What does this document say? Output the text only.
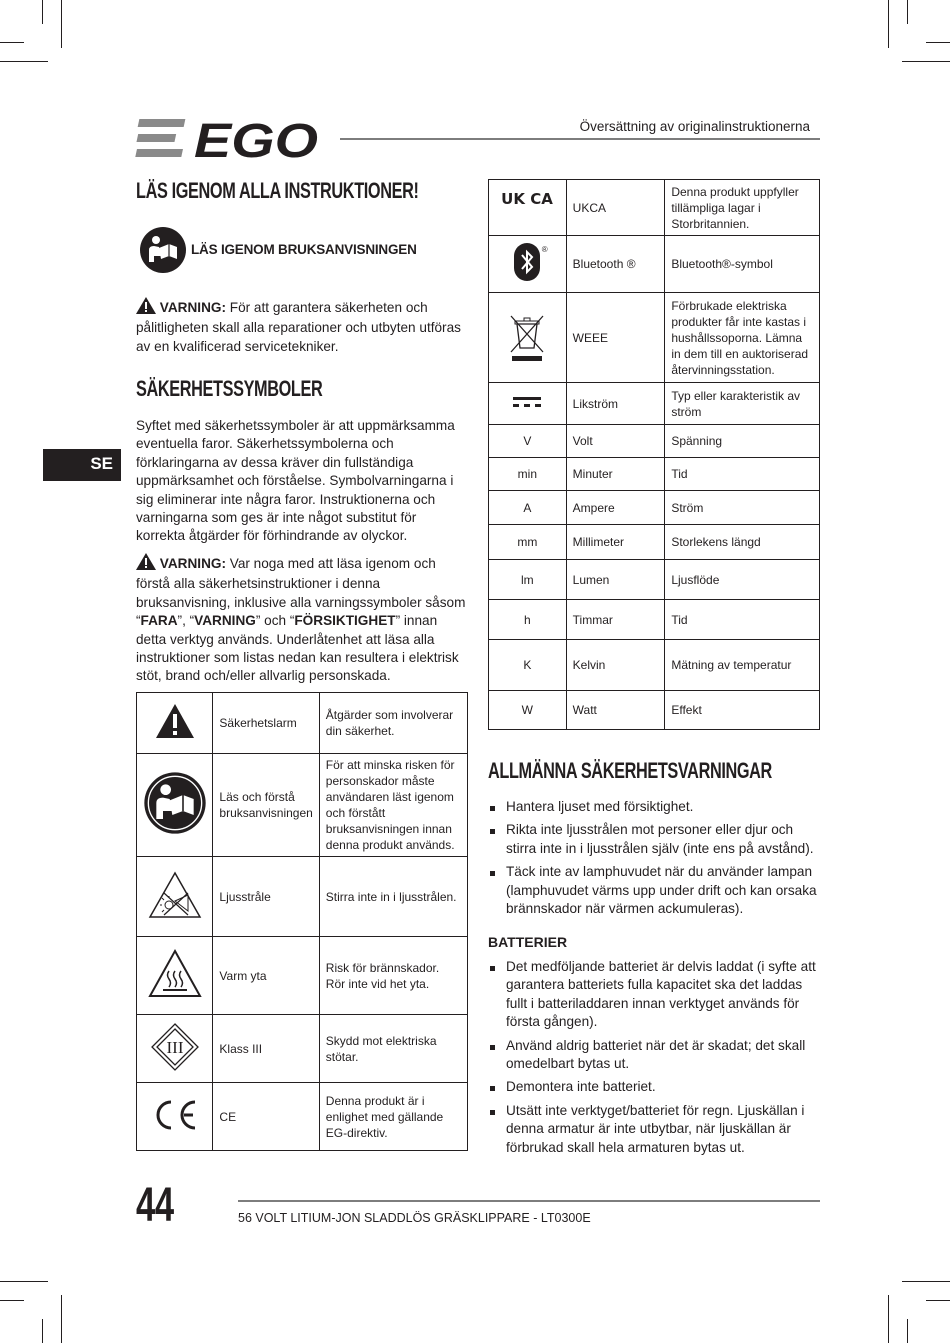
EGO	Översättning av originalinstruktionerna
SE
LÄS IGENOM ALLA INSTRUKTIONER!
LÄS IGENOM BRUKSANVISNINGEN
VARNING: För att garantera säkerheten och pålitligheten skall alla reparationer och utbyten utföras av en kvalificerad servicetekniker.
SÄKERHETSSYMBOLER
Syftet med säkerhetssymboler är att uppmärksamma eventuella faror. Säkerhetssymbolerna och förklaringarna av dessa kräver din fullständiga uppmärksamhet och förståelse. Symbolvarningarna i sig eliminerar inte några faror. Instruktionerna och varningarna som ges är inte något substitut för korrekta åtgärder för förhindrande av olyckor.
VARNING: Var noga med att läsa igenom och förstå alla säkerhetsinstruktioner i denna bruksanvisning, inklusive alla varningssymboler såsom “FARA”, “VARNING” och “FÖRSIKTIGHET” innan detta verktyg används. Underlåtenhet att läsa alla instruktioner som listas nedan kan resultera i elektrisk stöt, brand och/eller allvarlig personskada.
	Säkerhetslarm	Åtgärder som involverar din säkerhet.
	Läs och förstå bruksanvisningen	För att minska risken för personskador måste användaren läst igenom och förstått bruksanvisningen innan denna produkt används.
	Ljusstråle	Stirra inte in i ljusstrålen.
	Varm yta	Risk för brännskador. Rör inte vid het yta.

III	Klass III	Skydd mot elektriska stötar.
	CE	Denna produkt är i enlighet med gällande EG-direktiv.
UK CA	UKCA	Denna produkt uppfyller tillämpliga lagar i Storbritannien.

®	Bluetooth ®	Bluetooth®-symbol
	WEEE	Förbrukade elektriska produkter får inte kastas i hushållssoporna. Lämna in dem till en auktoriserad återvinningsstation.
	Likström	Typ eller karakteristik av ström
V	Volt	Spänning
min	Minuter	Tid
A	Ampere	Ström
mm	Millimeter	Storlekens längd
lm	Lumen	Ljusflöde
h	Timmar	Tid
K	Kelvin	Mätning av temperatur
W	Watt	Effekt
ALLMÄNNA SÄKERHETSVARNINGAR
Hantera ljuset med försiktighet.
Rikta inte ljusstrålen mot personer eller djur och stirra inte in i ljusstrålen själv (inte ens på avstånd).
Täck inte av lamphuvudet när du använder lampan (lamphuvudet värms upp under drift och kan orsaka brännskador när värmen ackumuleras).
BATTERIER
Det medföljande batteriet är delvis laddat (i syfte att garantera batteriets fulla kapacitet ska det laddas fullt i batteriladdaren innan verktyget används för första gången).
Använd aldrig batteriet när det är skadat; det skall omedelbart bytas ut.
Demontera inte batteriet.
Utsätt inte verktyget/batteriet för regn. Ljuskällan i denna armatur är inte utbytbar, när ljuskällan är förbrukad skall hela armaturen bytas ut.
44	56 VOLT LITIUM-JON SLADDLÖS GRÄSKLIPPARE - LT0300E
